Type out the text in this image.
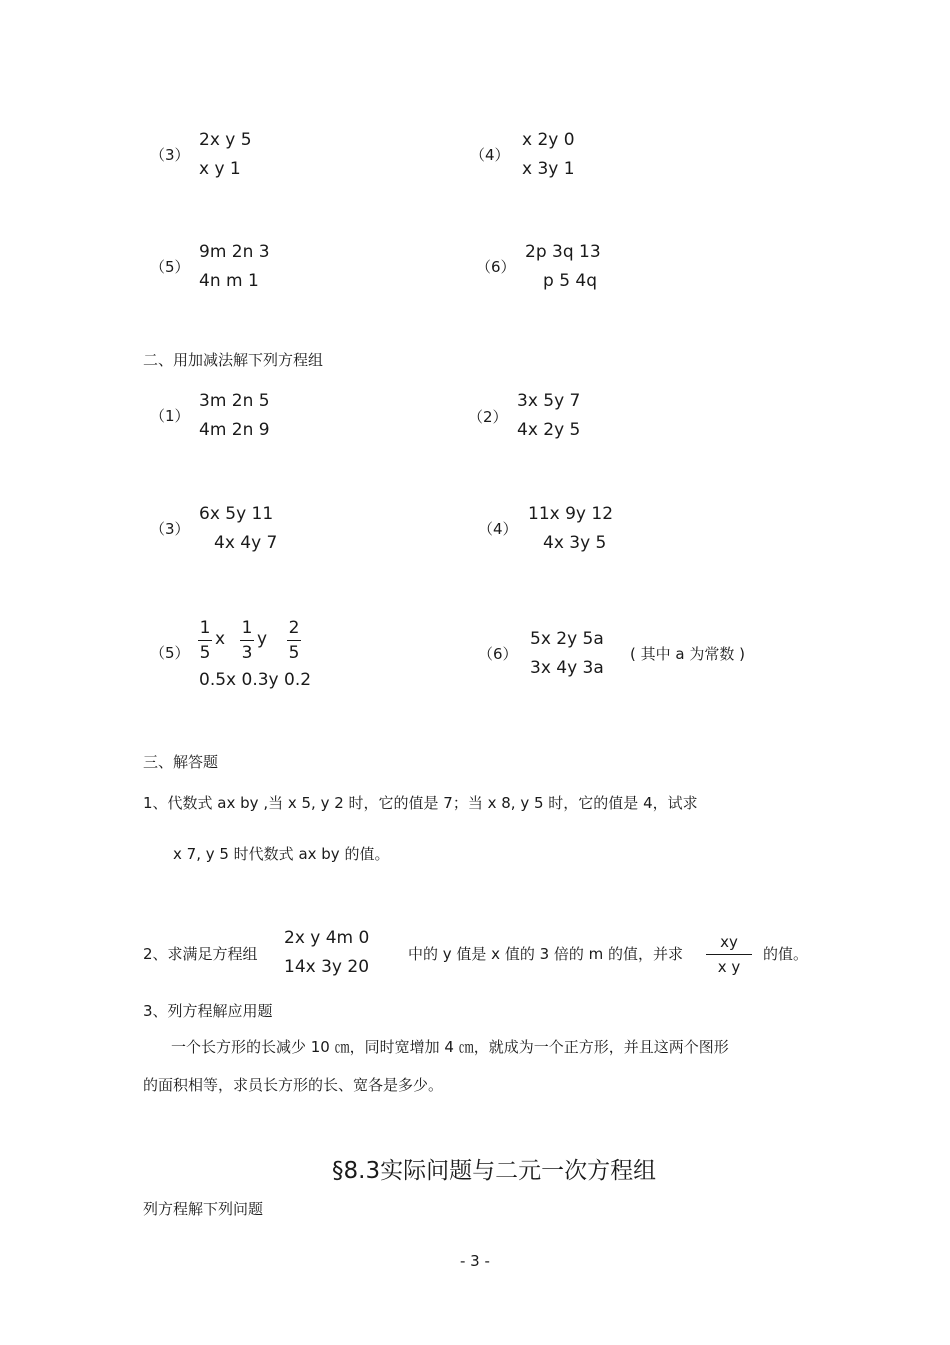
（3）
2x y 5
x y 1
（4）
x 2y 0
x 3y 1
（5）
9m 2n 3
4n m 1
（6）
2p 3q 13
p 5 4q
二、用加减法解下列方程组
（1）
3m 2n 5
4m 2n 9
（2）
3x 5y 7
4x 2y 5
（3）
6x 5y 11
4x 4y 7
（4）
11x 9y 12
4x 3y 5
（5）
1
5
x
1
3
y
2
5
0.5x 0.3y 0.2
（6）
5x 2y 5a
3x 4y 3a
( 其中 a 为常数 )
三、解答题
1、代数式 ax by ,当 x 5, y 2 时，它的值是 7；当 x 8, y 5 时，它的值是 4，试求
x 7, y 5 时代数式 ax by 的值。
2、求满足方程组
2x y 4m 0
14x 3y 20
中的 y 值是 x 值的 3 倍的 m 的值，并求
xy
x y
的值。
3、列方程解应用题
一个长方形的长减少 10 ㎝，同时宽增加 4 ㎝，就成为一个正方形，并且这两个图形
的面积相等，求员长方形的长、宽各是多少。
§8.3实际问题与二元一次方程组
列方程解下列问题
- 3 -
